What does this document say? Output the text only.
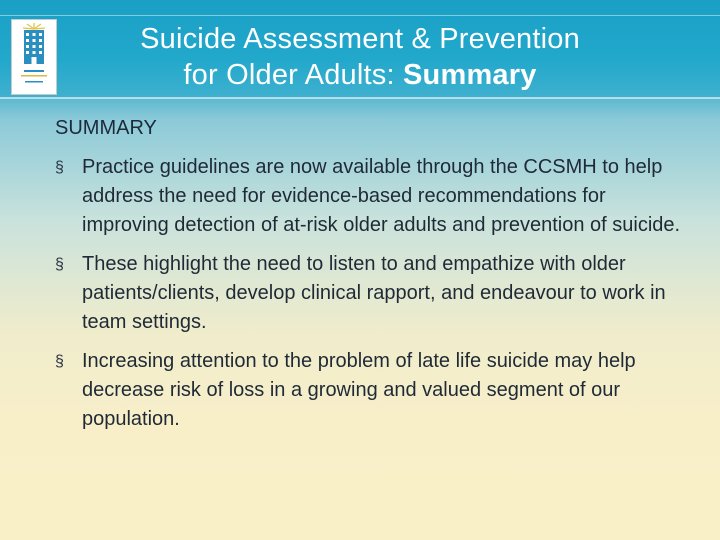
Suicide Assessment & Prevention
for Older Adults: Summary
SUMMARY
§ Practice guidelines are now available through the CCSMH to help address the need for evidence-based recommendations for improving detection of at-risk older adults and prevention of suicide.
§ These highlight the need to listen to and empathize with older patients/clients, develop clinical rapport, and endeavour to work in team settings.
§ Increasing attention to the problem of late life suicide may help decrease risk of loss in a growing and valued segment of our population.
